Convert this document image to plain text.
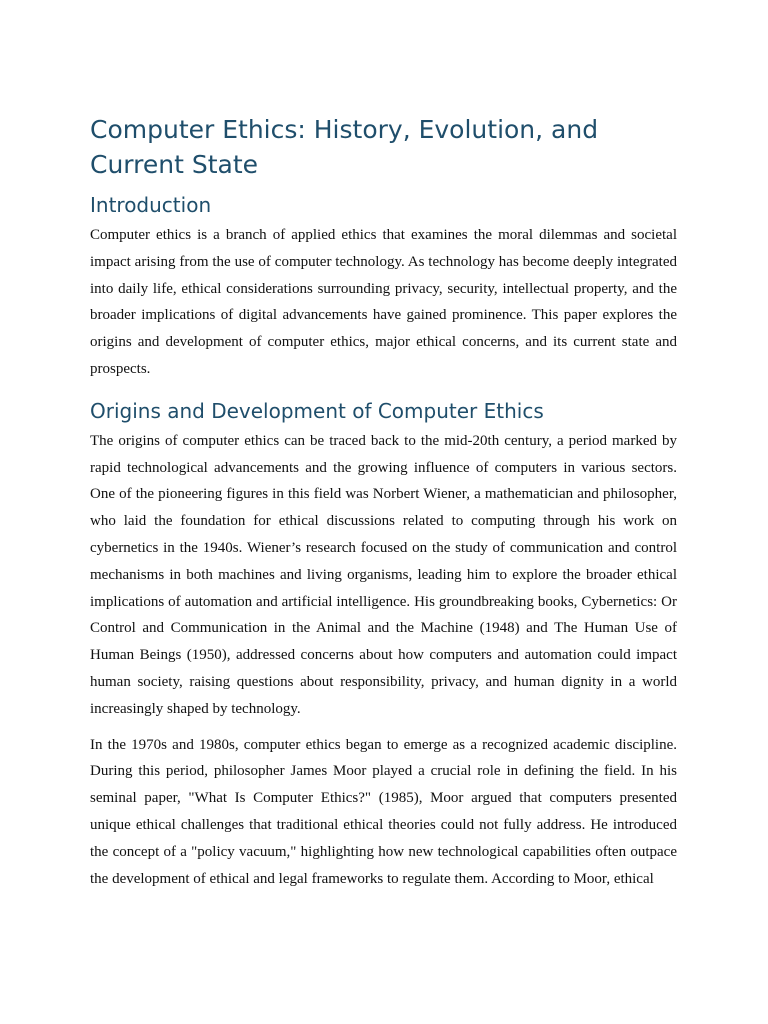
Computer Ethics: History, Evolution, and Current State
Introduction

Computer ethics is a branch of applied ethics that examines the moral dilemmas and societal impact arising from the use of computer technology. As technology has become deeply integrated into daily life, ethical considerations surrounding privacy, security, intellectual property, and the broader implications of digital advancements have gained prominence. This paper explores the origins and development of computer ethics, major ethical concerns, and its current state and prospects.

Origins and Development of Computer Ethics

The origins of computer ethics can be traced back to the mid-20th century, a period marked by rapid technological advancements and the growing influence of computers in various sectors. One of the pioneering figures in this field was Norbert Wiener, a mathematician and philosopher, who laid the foundation for ethical discussions related to computing through his work on cybernetics in the 1940s. Wiener’s research focused on the study of communication and control mechanisms in both machines and living organisms, leading him to explore the broader ethical implications of automation and artificial intelligence. His groundbreaking books, Cybernetics: Or Control and Communication in the Animal and the Machine (1948) and The Human Use of Human Beings (1950), addressed concerns about how computers and automation could impact human society, raising questions about responsibility, privacy, and human dignity in a world increasingly shaped by technology.

In the 1970s and 1980s, computer ethics began to emerge as a recognized academic discipline. During this period, philosopher James Moor played a crucial role in defining the field. In his seminal paper, "What Is Computer Ethics?" (1985), Moor argued that computers presented unique ethical challenges that traditional ethical theories could not fully address. He introduced the concept of a "policy vacuum," highlighting how new technological capabilities often outpace the development of ethical and legal frameworks to regulate them. According to Moor, ethical
